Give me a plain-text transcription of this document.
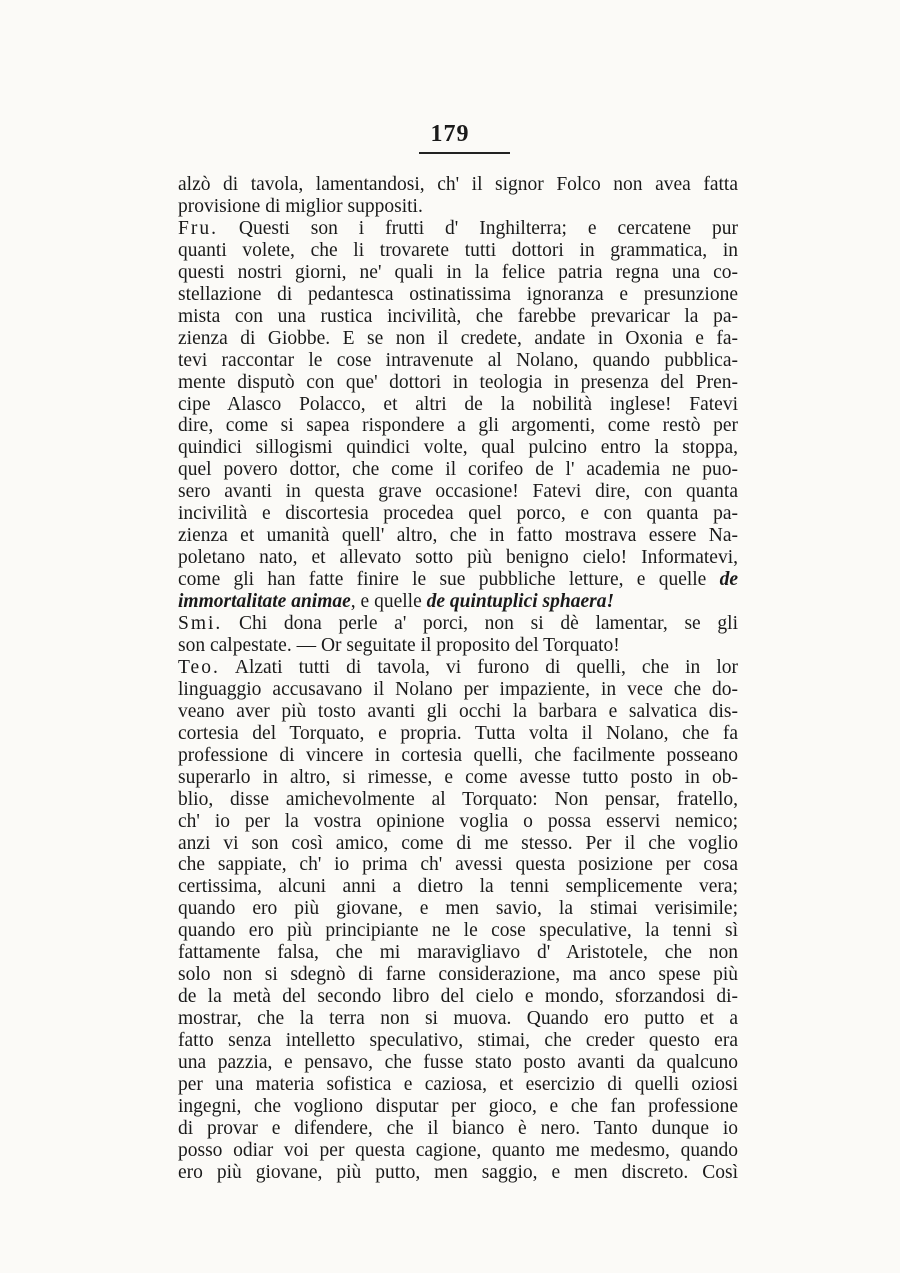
179
alzò di tavola, lamentandosi, ch' il signor Folco non avea fatta
provisione di miglior suppositi.
Fru. Questi son i frutti d' Inghilterra; e cercatene pur
quanti volete, che li trovarete tutti dottori in grammatica, in
questi nostri giorni, ne' quali in la felice patria regna una co-
stellazione di pedantesca ostinatissima ignoranza e presunzione
mista con una rustica incivilità, che farebbe prevaricar la pa-
zienza di Giobbe. E se non il credete, andate in Oxonia e fa-
tevi raccontar le cose intravenute al Nolano, quando pubblica-
mente disputò con que' dottori in teologia in presenza del Pren-
cipe Alasco Polacco, et altri de la nobilità inglese! Fatevi
dire, come si sapea rispondere a gli argomenti, come restò per
quindici sillogismi quindici volte, qual pulcino entro la stoppa,
quel povero dottor, che come il corifeo de l' academia ne puo-
sero avanti in questa grave occasione! Fatevi dire, con quanta
incivilità e discortesia procedea quel porco, e con quanta pa-
zienza et umanità quell' altro, che in fatto mostrava essere Na-
poletano nato, et allevato sotto più benigno cielo! Informatevi,
come gli han fatte finire le sue pubbliche letture, e quelle de
immortalitate animae, e quelle de quintuplici sphaera!
Smi. Chi dona perle a' porci, non si dè lamentar, se gli
son calpestate. — Or seguitate il proposito del Torquato!
Teo. Alzati tutti di tavola, vi furono di quelli, che in lor
linguaggio accusavano il Nolano per impaziente, in vece che do-
veano aver più tosto avanti gli occhi la barbara e salvatica dis-
cortesia del Torquato, e propria. Tutta volta il Nolano, che fa
professione di vincere in cortesia quelli, che facilmente posseano
superarlo in altro, si rimesse, e come avesse tutto posto in ob-
blio, disse amichevolmente al Torquato: Non pensar, fratello,
ch' io per la vostra opinione voglia o possa esservi nemico;
anzi vi son così amico, come di me stesso. Per il che voglio
che sappiate, ch' io prima ch' avessi questa posizione per cosa
certissima, alcuni anni a dietro la tenni semplicemente vera;
quando ero più giovane, e men savio, la stimai verisimile;
quando ero più principiante ne le cose speculative, la tenni sì
fattamente falsa, che mi maravigliavo d' Aristotele, che non
solo non si sdegnò di farne considerazione, ma anco spese più
de la metà del secondo libro del cielo e mondo, sforzandosi di-
mostrar, che la terra non si muova. Quando ero putto et a
fatto senza intelletto speculativo, stimai, che creder questo era
una pazzia, e pensavo, che fusse stato posto avanti da qualcuno
per una materia sofistica e caziosa, et esercizio di quelli oziosi
ingegni, che vogliono disputar per gioco, e che fan professione
di provar e difendere, che il bianco è nero. Tanto dunque io
posso odiar voi per questa cagione, quanto me medesmo, quando
ero più giovane, più putto, men saggio, e men discreto. Così
